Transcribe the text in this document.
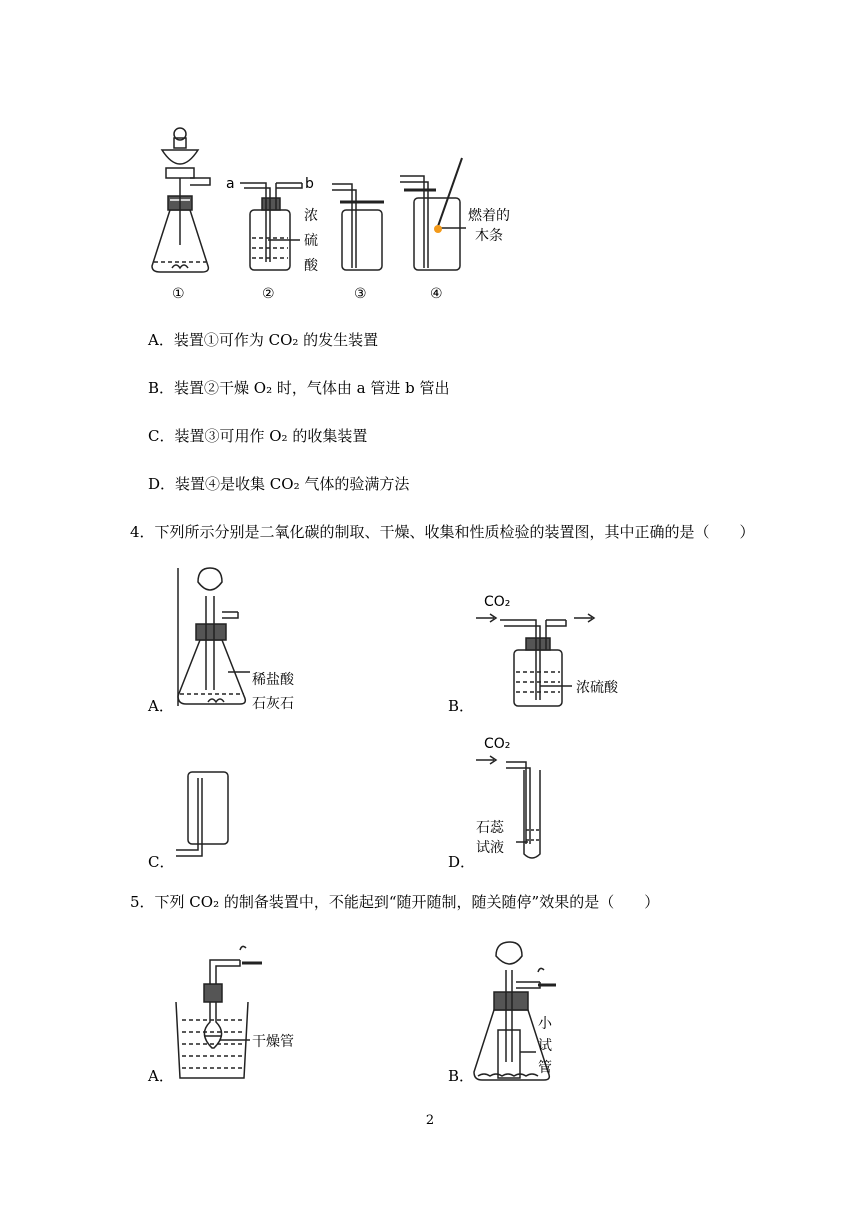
a	b
浓
硫
酸
燃着的
木条
①	②	③	④
稀盐酸
石灰石
CO₂
浓硫酸
CO₂
石蕊
试液
干燥管
小
试
管
A．装置①可作为 CO₂ 的发生装置
B．装置②干燥 O₂ 时，气体由 a 管进 b 管出
C．装置③可用作 O₂ 的收集装置
D．装置④是收集 CO₂ 气体的验满方法
4．下列所示分别是二氧化碳的制取、干燥、收集和性质检验的装置图，其中正确的是（　　）
A．	B．
C．	D．
5．下列 CO₂ 的制备装置中，不能起到“随开随制，随关随停”效果的是（　　）
A．	B．
2
